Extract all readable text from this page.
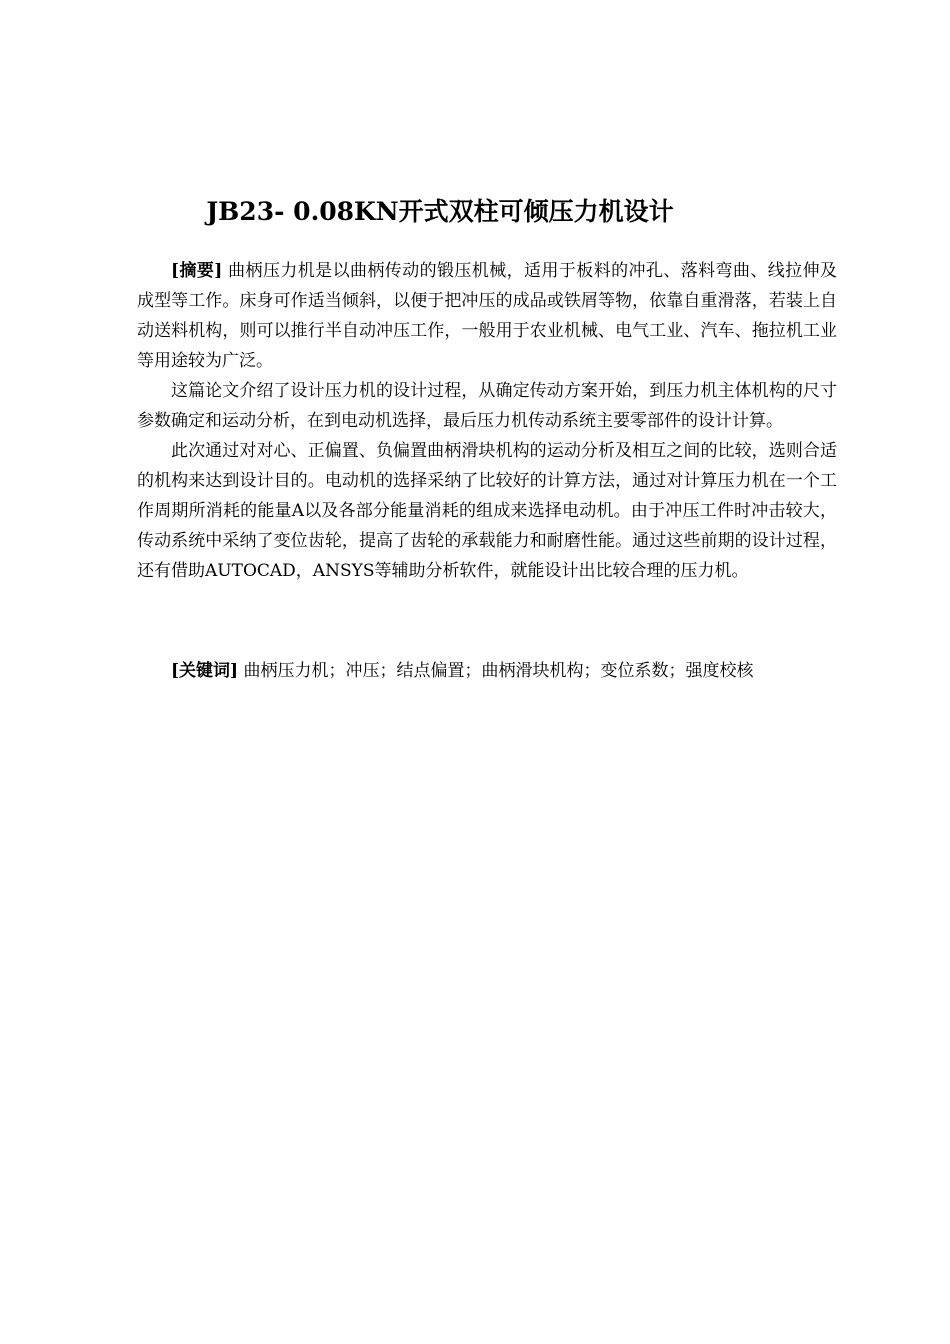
JB23- 0.08KN开式双柱可倾压力机设计

[摘要] 曲柄压力机是以曲柄传动的锻压机械，适用于板料的冲孔、落料弯曲、线拉伸及成型等工作。床身可作适当倾斜，以便于把冲压的成品或铁屑等物，依靠自重滑落，若装上自动送料机构，则可以推行半自动冲压工作，一般用于农业机械、电气工业、汽车、拖拉机工业等用途较为广泛。

这篇论文介绍了设计压力机的设计过程，从确定传动方案开始，到压力机主体机构的尺寸参数确定和运动分析，在到电动机选择，最后压力机传动系统主要零部件的设计计算。

此次通过对对心、正偏置、负偏置曲柄滑块机构的运动分析及相互之间的比较，选则合适的机构来达到设计目的。电动机的选择采纳了比较好的计算方法，通过对计算压力机在一个工作周期所消耗的能量A以及各部分能量消耗的组成来选择电动机。由于冲压工件时冲击较大，传动系统中采纳了变位齿轮，提高了齿轮的承载能力和耐磨性能。通过这些前期的设计过程，还有借助AUTOCAD，ANSYS等辅助分析软件，就能设计出比较合理的压力机。

[关键词] 曲柄压力机；冲压；结点偏置；曲柄滑块机构；变位系数；强度校核
